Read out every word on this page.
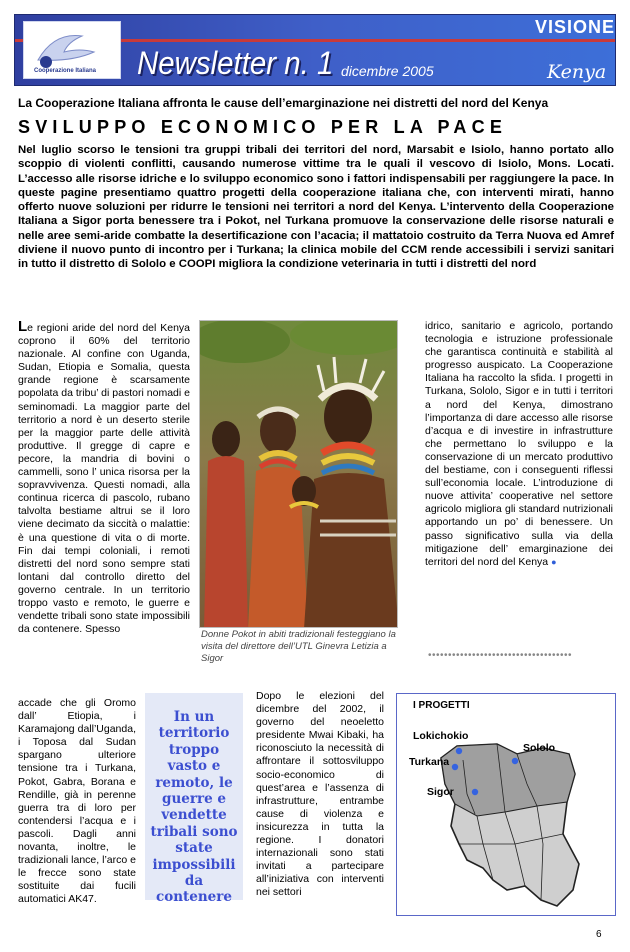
Cooperazione Italiana
VISIONE
Newsletter n. 1 dicembre 2005	Kenya
La Cooperazione Italiana affronta le cause dell’emarginazione nei distretti del nord del Kenya
SVILUPPO ECONOMICO PER LA PACE
Nel luglio scorso le tensioni tra gruppi tribali dei territori del nord, Marsabit e Isiolo, hanno portato allo scoppio di violenti conflitti, causando numerose vittime tra le quali il vescovo di Isiolo, Mons. Locati. L’accesso alle risorse idriche e lo sviluppo economico sono i fattori indispensabili per raggiungere la pace. In queste pagine presentiamo quattro progetti della cooperazione italiana che, con interventi mirati, hanno offerto nuove soluzioni per ridurre le tensioni nei territori a nord del Kenya. L’intervento della Cooperazione Italiana a Sigor porta benessere tra i Pokot, nel Turkana promuove la conservazione delle risorse naturali e nelle aree semi-aride combatte la desertificazione con l’acacia; il mattatoio costruito da Terra Nuova ed Amref diviene il nuovo punto di incontro per i Turkana; la clinica mobile del CCM rende accessibili i servizi sanitari in tutto il distretto di Sololo e COOPI migliora la condizione veterinaria in tutti i distretti del nord
Le regioni aride del nord del Kenya coprono il 60% del territorio nazionale. Al confine con Uganda, Sudan, Etiopia e Somalia, questa grande regione è scarsamente popolata da tribu’ di pastori nomadi e seminomadi. La maggior parte del territorio a nord è un deserto sterile per la maggior parte delle attività produttive. Il gregge di capre e pecore, la mandria di bovini o cammelli, sono l’ unica risorsa per la sopravvivenza. Questi nomadi, alla continua ricerca di pascolo, rubano talvolta bestiame altrui se il loro viene decimato da siccità o malattie: è una questione di vita o di morte. Fin dai tempi coloniali, i remoti distretti del nord sono sempre stati lontani dal controllo diretto del governo centrale. In un territorio troppo vasto e remoto, le guerre e vendette tribali sono state impossibili da contenere. Spesso	Donne Pokot in abiti tradizionali festeggiano la visita del direttore dell’UTL Ginevra Letizia a Sigor
idrico, sanitario e agricolo, portando tecnologia e istruzione professionale che garantisca continuità e stabilità al progresso auspicato. La Cooperazione Italiana ha raccolto la sfida. I progetti in Turkana, Sololo, Sigor e in tutti i territori a nord del Kenya, dimostrano l’importanza di dare accesso alle risorse d’acqua e di investire in infrastrutture che permettano lo sviluppo e la conservazione di un mercato produttivo del bestiame, con i conseguenti riflessi sull’economia locale. L’introduzione di nuove attivita’ cooperative nel settore agricolo migliora gli standard nutrizionali apportando un po’ di benessere. Un passo significativo sulla via della mitigazione dell’ emarginazione dei territori del nord del Kenya ●
••••••••••••••••••••••••••••••••••••
accade che gli Oromo dall’ Etiopia, i Karamajong dall’Uganda, i Toposa dal Sudan spargano ulteriore tensione tra i Turkana, Pokot, Gabra, Borana e Rendille, già in perenne guerra tra di loro per contendersi l’acqua e i pascoli. Dagli anni novanta, inoltre, le tradizionali lance, l’arco e le frecce sono state sostituite dai fucili automatici AK47.
In un territorio troppo vasto e remoto, le guerre e vendette tribali sono state impossibili da contenere
Dopo le elezioni del dicembre del 2002, il governo del neoeletto presidente Mwai Kibaki, ha riconosciuto la necessità di affrontare il sottosviluppo socio-economico di quest’area e l’assenza di infrastrutture, entrambe cause di violenza e insicurezza in tutta la regione. I donatori internazionali sono stati invitati a partecipare all’iniziativa con interventi nei settori
I PROGETTI
Lokichokio
Turkana
Sigor
Sololo
6
